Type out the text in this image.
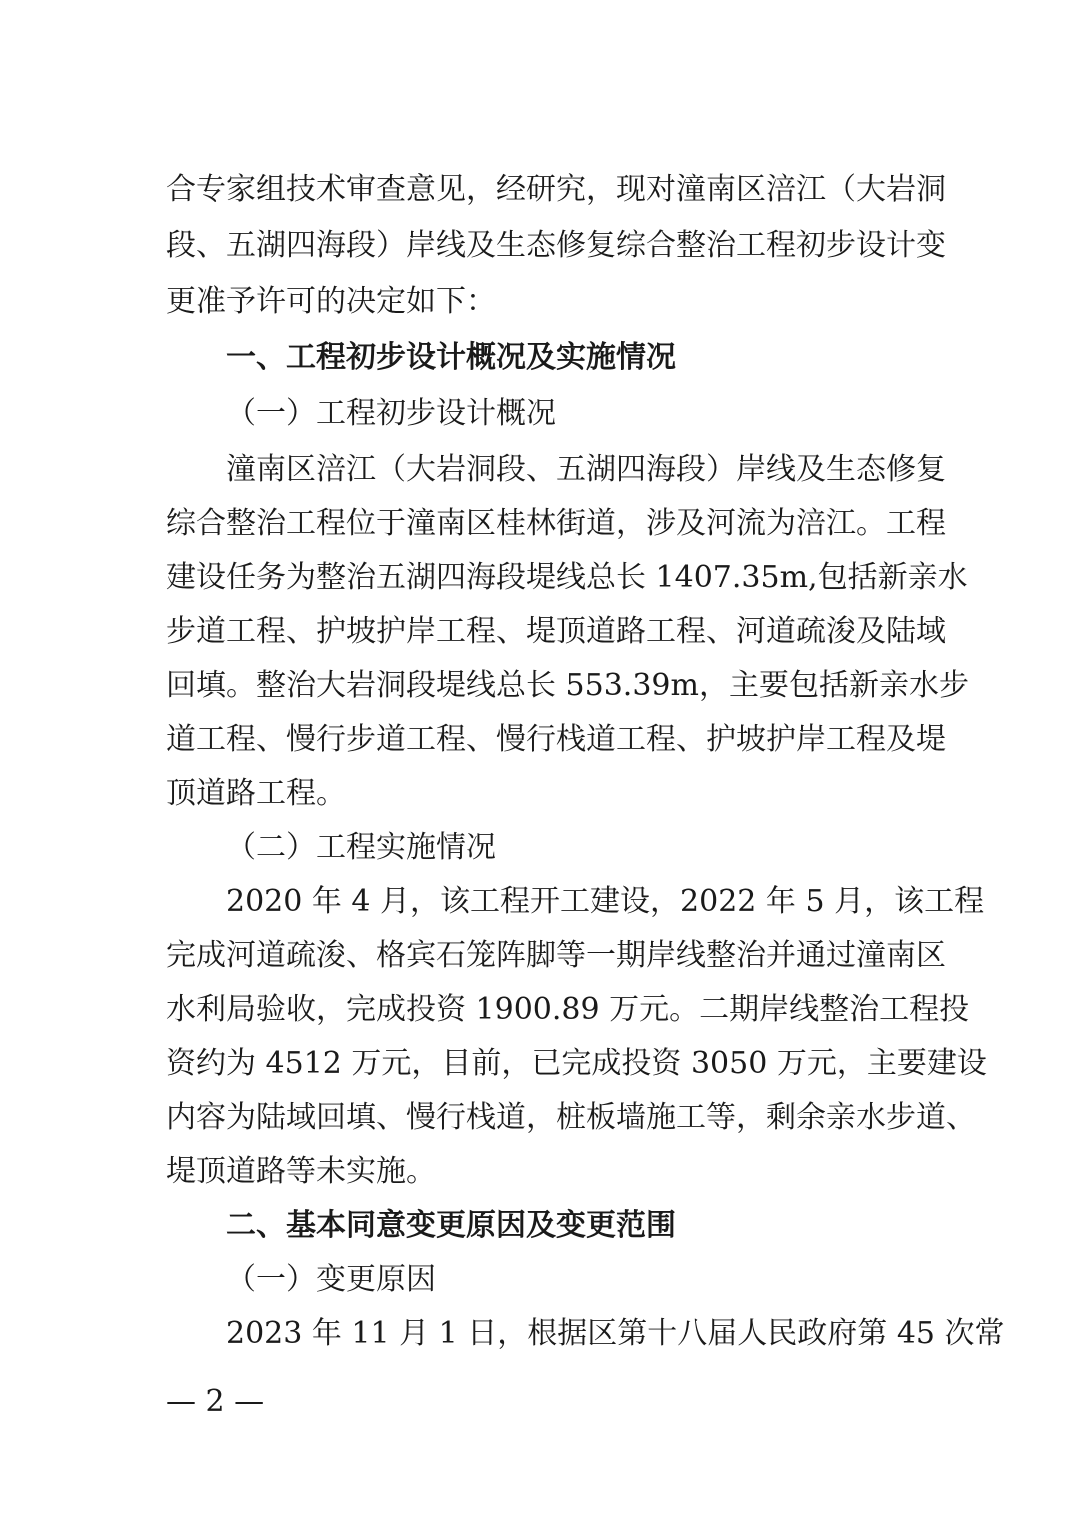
合专家组技术审查意见，经研究，现对潼南区涪江（大岩洞
段、五湖四海段）岸线及生态修复综合整治工程初步设计变
更准予许可的决定如下：
一、工程初步设计概况及实施情况
（一）工程初步设计概况
潼南区涪江（大岩洞段、五湖四海段）岸线及生态修复
综合整治工程位于潼南区桂林街道，涉及河流为涪江。工程
建设任务为整治五湖四海段堤线总长 1407.35m,包括新亲水
步道工程、护坡护岸工程、堤顶道路工程、河道疏浚及陆域
回填。整治大岩洞段堤线总长 553.39m，主要包括新亲水步
道工程、慢行步道工程、慢行栈道工程、护坡护岸工程及堤
顶道路工程。
（二）工程实施情况
2020 年 4 月，该工程开工建设，2022 年 5 月，该工程
完成河道疏浚、格宾石笼阵脚等一期岸线整治并通过潼南区
水利局验收，完成投资 1900.89 万元。二期岸线整治工程投
资约为 4512 万元，目前，已完成投资 3050 万元，主要建设
内容为陆域回填、慢行栈道，桩板墙施工等，剩余亲水步道、
堤顶道路等未实施。
二、基本同意变更原因及变更范围
（一）变更原因
2023 年 11 月 1 日，根据区第十八届人民政府第 45 次常
— 2 —
